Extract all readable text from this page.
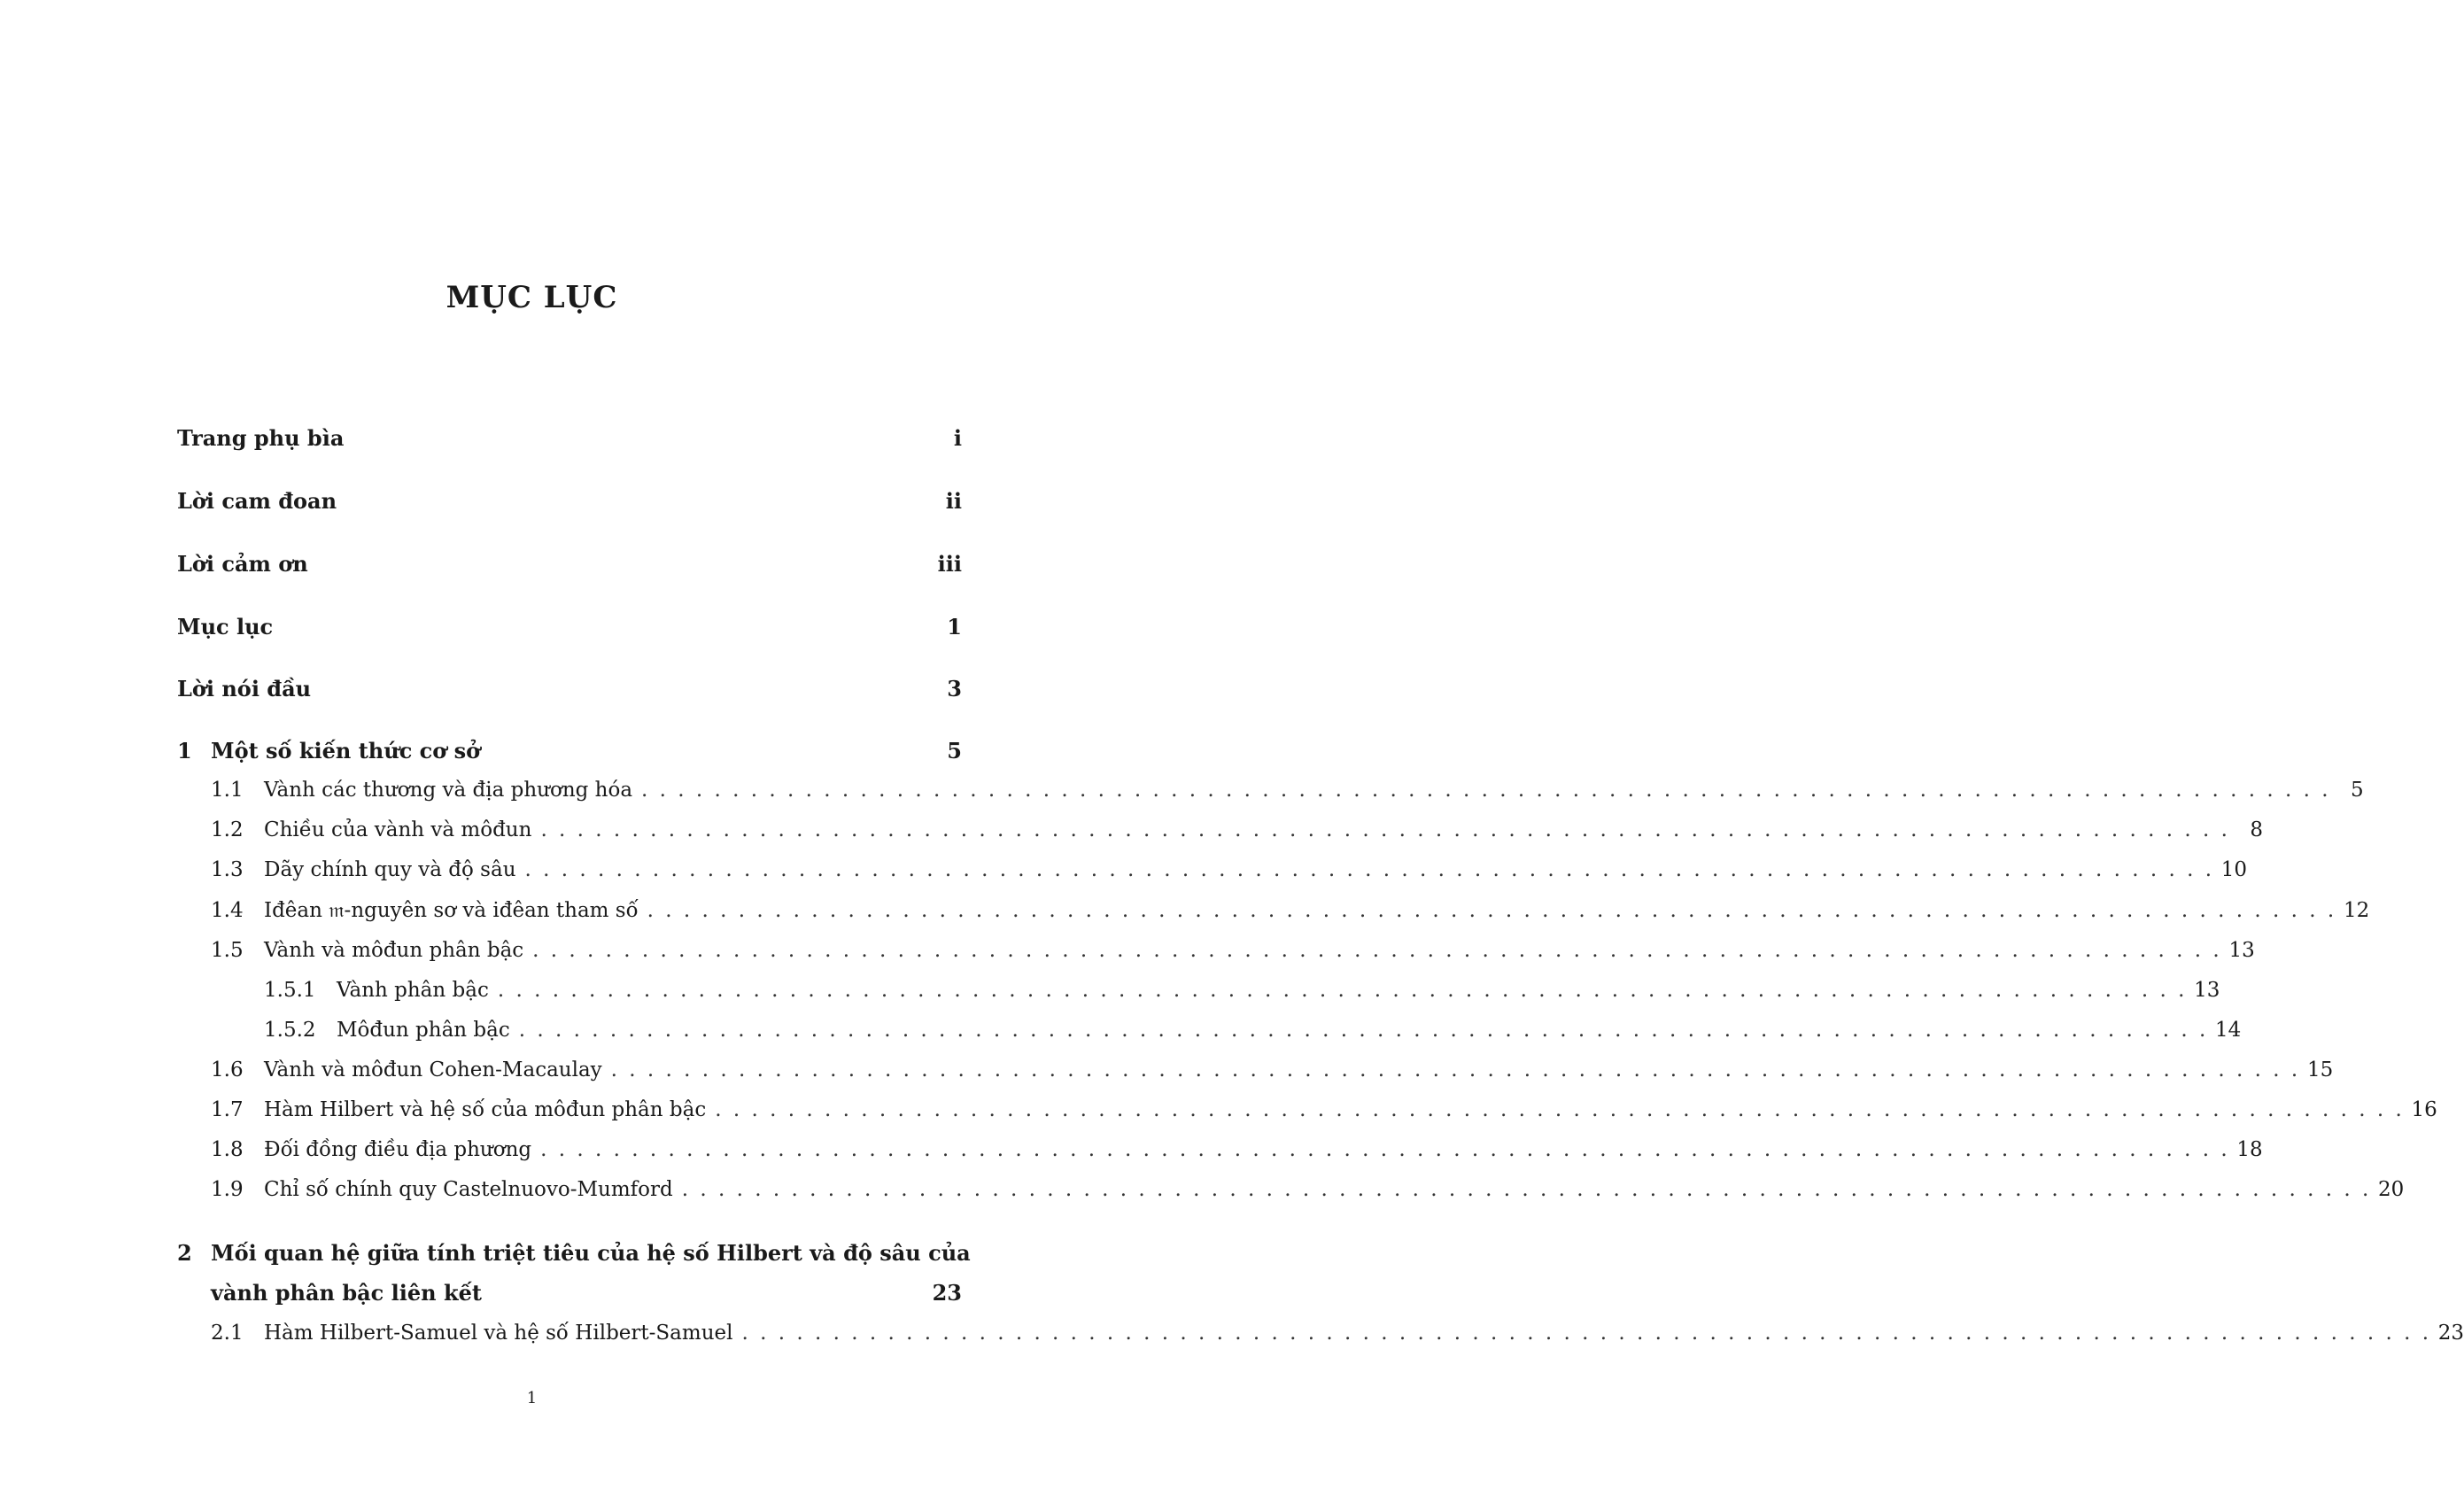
MỤC LỤC
Trang phụ bìa	i
Lời cam đoan	ii
Lời cảm ơn	iii
Mục lục	1
Lời nói đầu	3
1 Một số kiến thức cơ sở	5
1.1	Vành các thương và địa phương hóa . . .	5
1.2	Chiều của vành và môđun . . .	8
1.3	Dãy chính quy và độ sâu . . .	10
1.4	Iđêan 𝔪-nguyên sơ và iđêan tham số . . .	12
1.5	Vành và môđun phân bậc . . .	13
1.5.1	Vành phân bậc . . .	13
1.5.2	Môđun phân bậc . . .	14
1.6	Vành và môđun Cohen-Macaulay . . .	15
1.7	Hàm Hilbert và hệ số của môđun phân bậc . . .	16
1.8	Đối đồng điều địa phương . . .	18
1.9	Chỉ số chính quy Castelnuovo-Mumford . . .	20
2 Mối quan hệ giữa tính triệt tiêu của hệ số Hilbert và độ sâu của
vành phân bậc liên kết	23
2.1	Hàm Hilbert-Samuel và hệ số Hilbert-Samuel . . .	23
1
